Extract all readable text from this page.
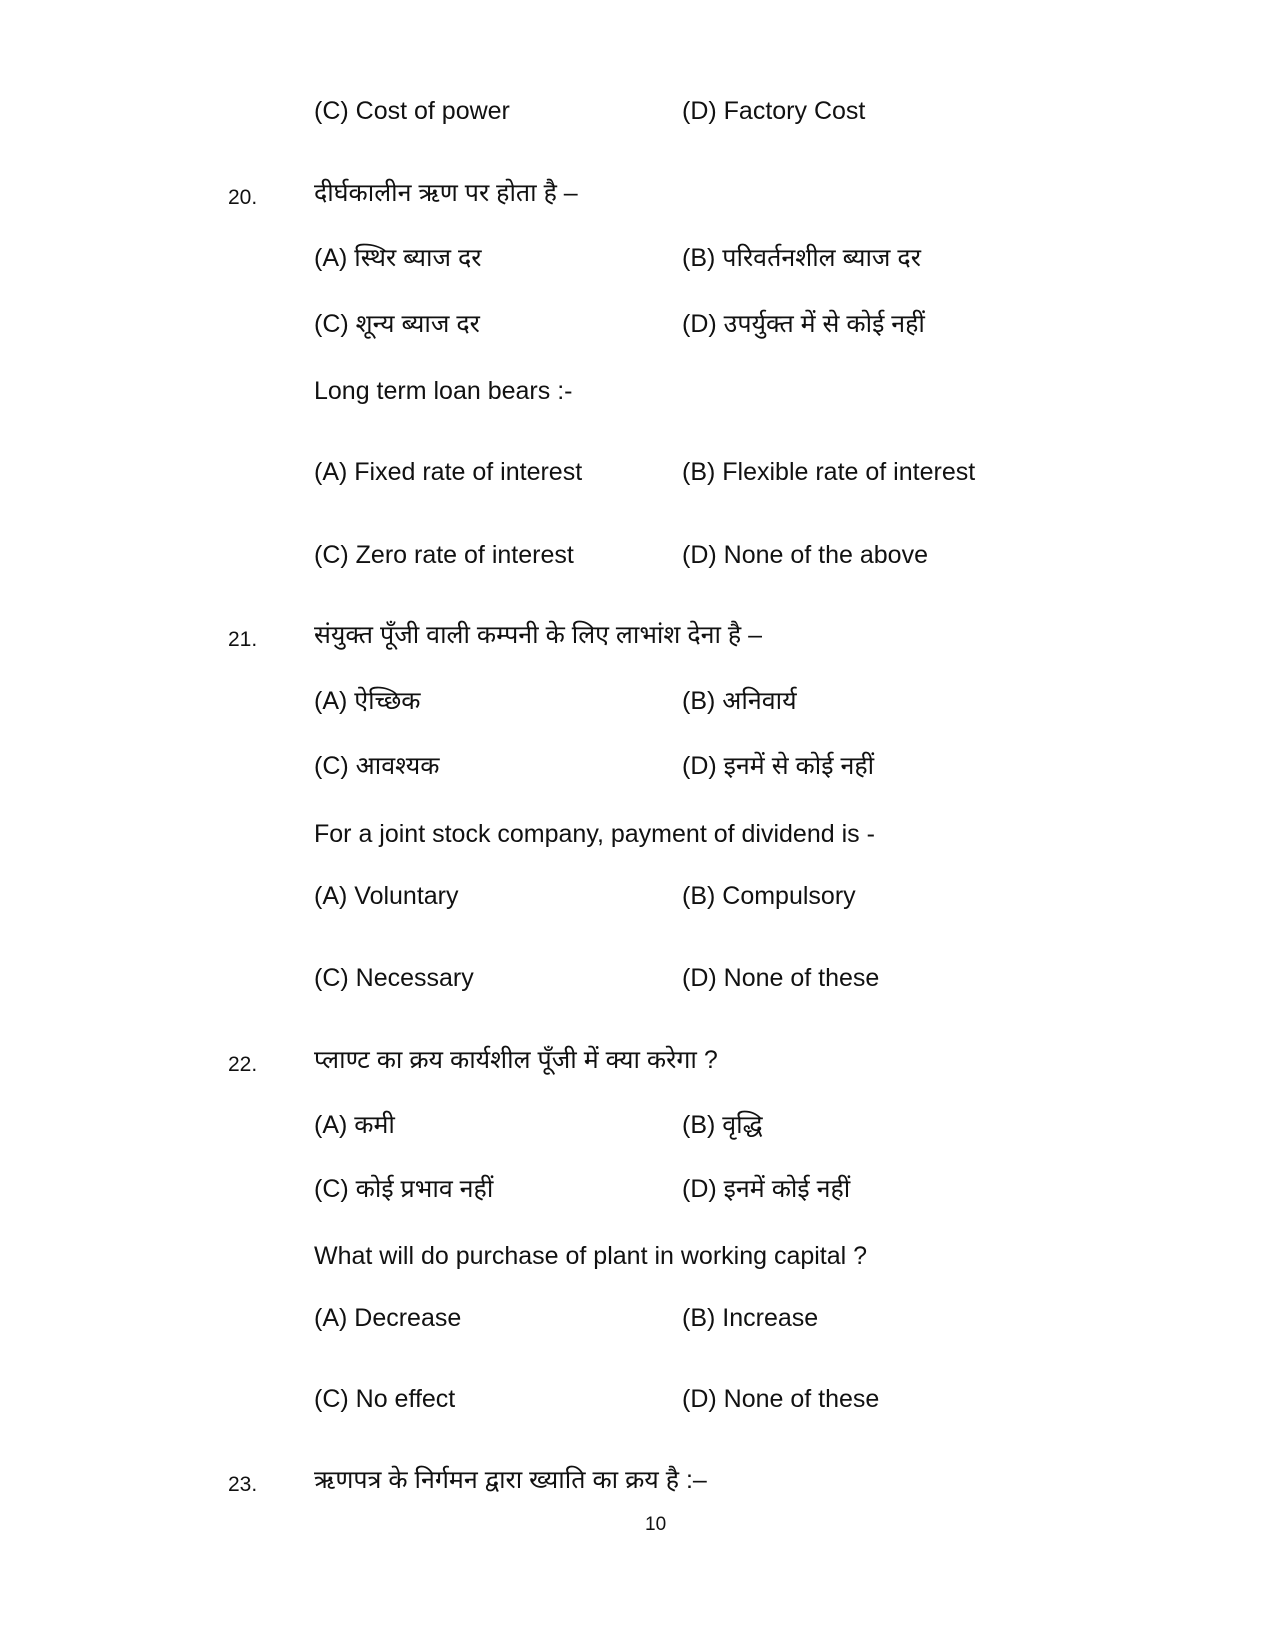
(C) Cost of power	(D) Factory Cost
20. दीर्घकालीन ऋण पर होता है –
(A) स्थिर ब्याज दर	(B) परिवर्तनशील ब्याज दर
(C) शून्य ब्याज दर	(D) उपर्युक्त में से कोई नहीं
Long term loan bears :-
(A) Fixed rate of interest	(B) Flexible rate of interest
(C) Zero rate of interest	(D) None of the above
21. संयुक्त पूँजी वाली कम्पनी के लिए लाभांश देना है –
(A) ऐच्छिक	(B) अनिवार्य
(C) आवश्यक	(D) इनमें से कोई नहीं
For a joint stock company, payment of dividend is -
(A) Voluntary	(B) Compulsory
(C) Necessary	(D) None of these
22. प्लाण्ट का क्रय कार्यशील पूँजी में क्या करेगा ?
(A) कमी	(B) वृद्धि
(C) कोई प्रभाव नहीं	(D) इनमें कोई नहीं
What will do purchase of plant in working capital ?
(A) Decrease	(B) Increase
(C) No effect	(D) None of these
23. ऋणपत्र के निर्गमन द्वारा ख्याति का क्रय है :–
10
